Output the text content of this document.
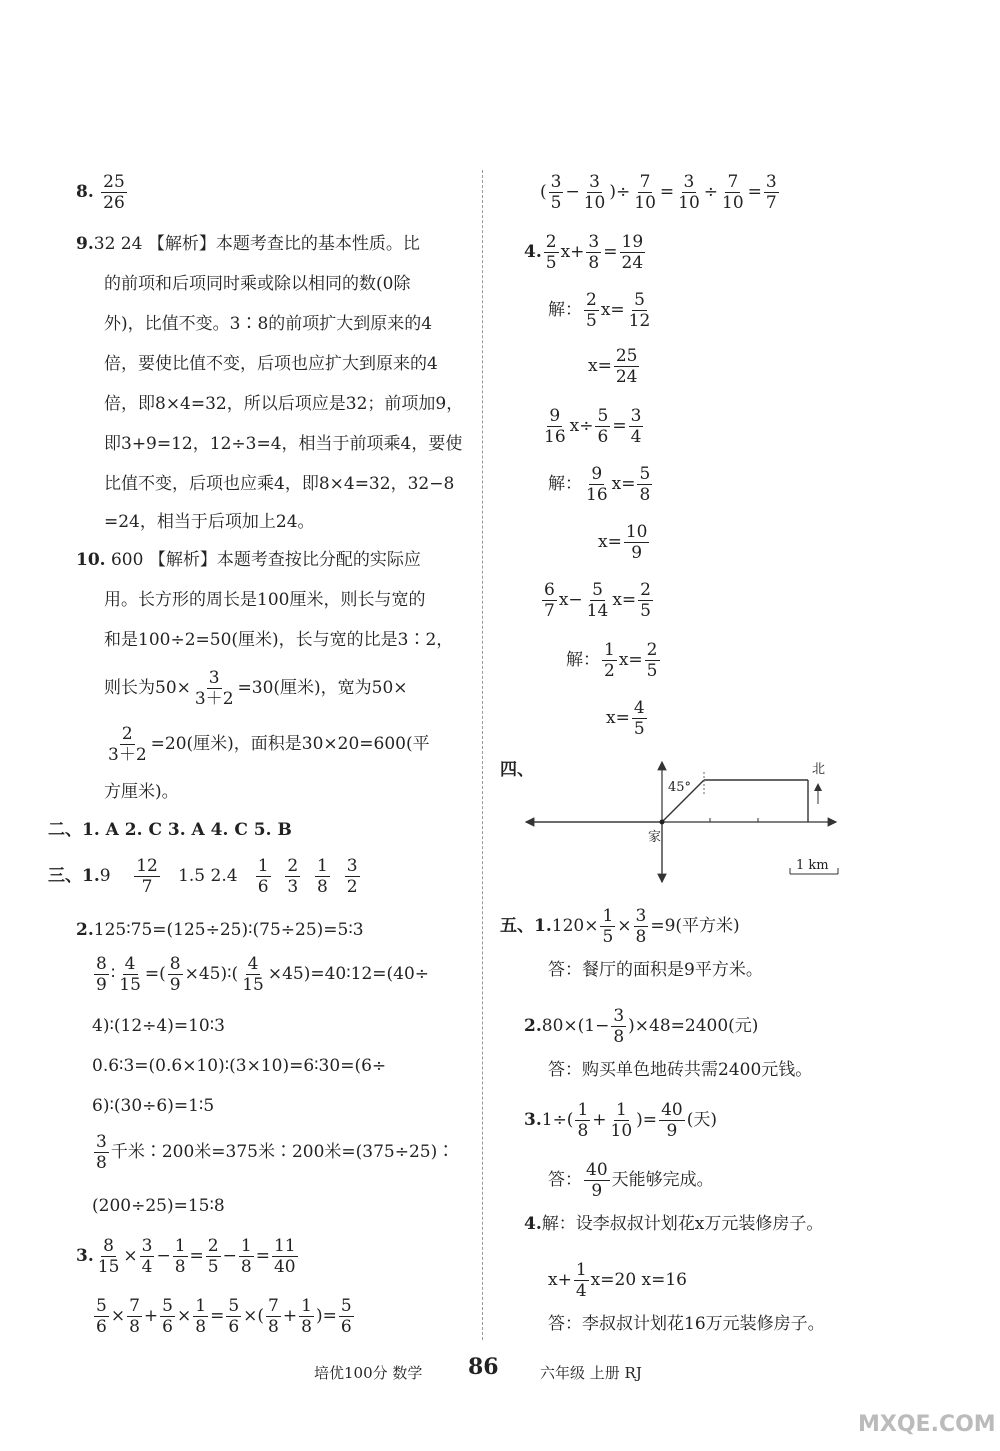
8. $\frac{25}{26}$
9.32 24 【解析】本题考查比的基本性质。比
的前项和后项同时乘或除以相同的数(0除
外)，比值不变。3∶8的前项扩大到原来的4
倍，要使比值不变，后项也应扩大到原来的4
倍，即8×4=32，所以后项应是32；前项加9，
即3+9=12，12÷3=4，相当于前项乘4，要使
比值不变，后项也应乘4，即8×4=32，32−8
=24，相当于后项加上24。
10. 600 【解析】本题考查按比分配的实际应
用。长方形的周长是100厘米，则长与宽的
和是100÷2=50(厘米)，长与宽的比是3∶2，
则长为$50\times \frac{3}{3+2} =30$(厘米)，宽为50×
$\frac{2}{3+2} =20$(厘米)，面积是30×20=600(平
方厘米)。
二、1. A 2. C 3. A 4. C 5. B
三、$1.9 \frac{12}{7} 1.5$ $2.4 \frac{1}{6}$
$\frac{2}{3}$
$\frac{1}{8}$
$\frac{3}{2}$
2.125∶75=(125÷25)∶(75÷25)=5∶3
$\frac{8}{9}$ ∶ $\frac{4}{15}$ =( $\frac{8}{9}$ ×45)∶( $\frac{4}{15}$ ×45)=40∶12=(40÷
4)∶(12÷4)=10∶3
0.6∶3=(0.6×10)∶(3×10)=6∶30=(6÷
6)∶(30÷6)=1∶5
$\frac{3}{8}$ 千米∶200米=375米∶200米=(375÷25)∶
(200÷25)=15∶8
3. $\frac{8}{15} \times \frac{3}{4} - \frac{1}{8} = \frac{2}{5} - \frac{1}{8} = \frac{11}{40}$
$\frac{5}{6} \times \frac{7}{8} + \frac{5}{6} \times \frac{1}{8} = \frac{5}{6}$ ×( $\frac{7}{8} + \frac{1}{8}$ )= $\frac{5}{6}$
( $\frac{3}{5} - \frac{3}{10}$ )÷ $\frac{7}{10} = \frac{3}{10} \div \frac{7}{10} = \frac{3}{7}$
4. $\frac{2}{5} x+ \frac{3}{8} = \frac{19}{24}$
解： $\frac{2}{5} x= \frac{5}{12}$
$x= \frac{25}{24}$
$\frac{9}{16} x\div \frac{5}{6} = \frac{3}{4}$
解： $\frac{9}{16} x= \frac{5}{8}$
$x= \frac{10}{9}$
$\frac{6}{7} x- \frac{5}{14} x= \frac{2}{5}$
解： $\frac{1}{2} x= \frac{2}{5}$
$x= \frac{4}{5}$
四、
45°
北
家
1 km
五、$1.120\times \frac{1}{5} \times \frac{3}{8} =9$(平方米)
答：餐厅的面积是9平方米。
$2.80\times(1- \frac{3}{8} )\times 48=2400$(元)
答：购买单色地砖共需2400元钱。
$3.1\div( \frac{1}{8} + \frac{1}{10}$ )= $\frac{40}{9}$ (天)
答： $\frac{40}{9}$ 天能够完成。
4.解：设李叔叔计划花x万元装修房子。
$x+ \frac{1}{4} x=20$ x=16
答：李叔叔计划花16万元装修房子。
培优100分 数学 86	六年级 上册 RJ
MXQE.COM
